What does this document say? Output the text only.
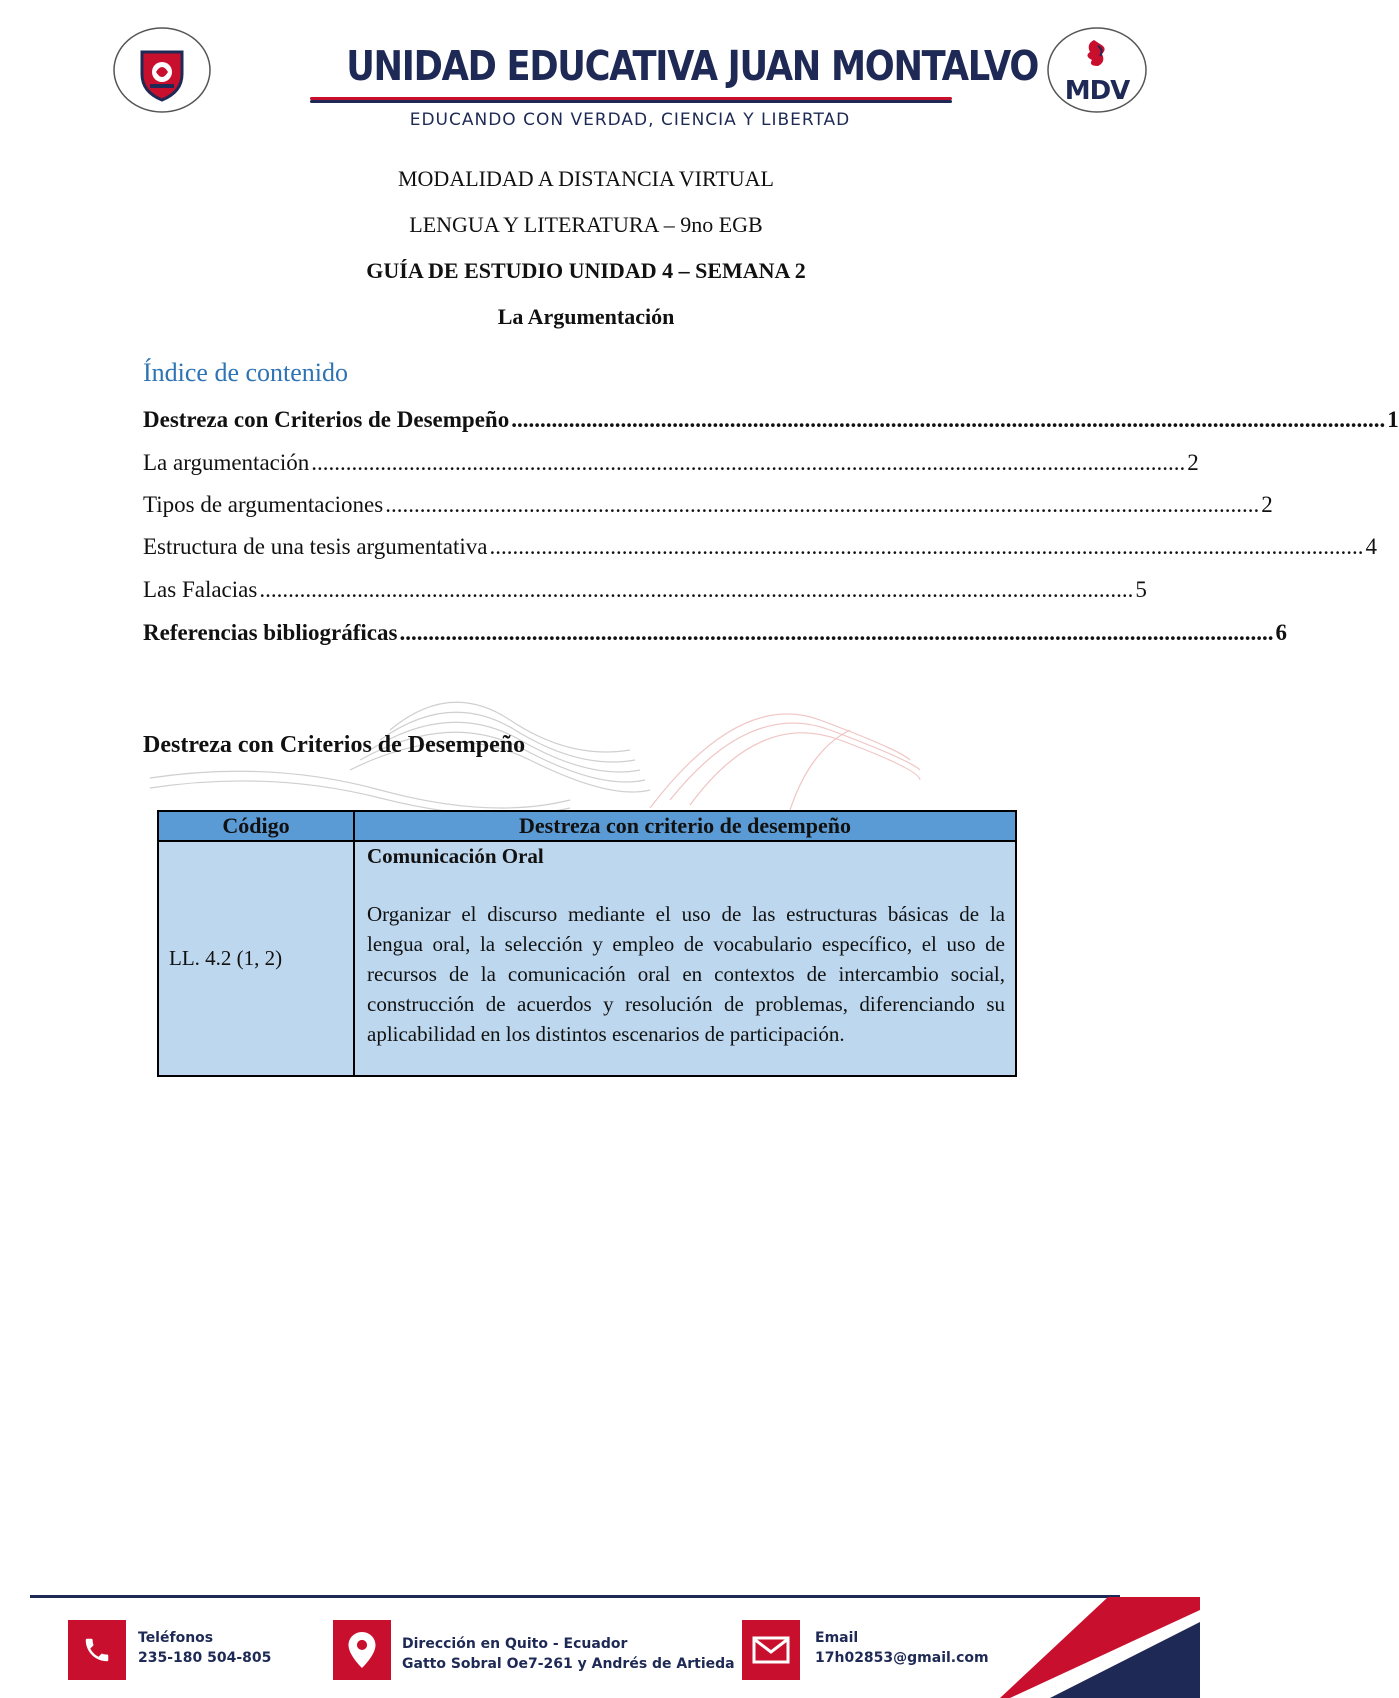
UNIDAD EDUCATIVA JUAN MONTALVO
EDUCANDO CON VERDAD, CIENCIA Y LIBERTAD
MDV
MODALIDAD A DISTANCIA VIRTUAL
LENGUA Y LITERATURA – 9no EGB
GUÍA DE ESTUDIO UNIDAD 4 – SEMANA 2
La Argumentación
Índice de contenido
Destreza con Criterios de Desempeño ........................................................................................................................................................ 1
La argumentación ........................................................................................................................................................ 2
Tipos de argumentaciones ........................................................................................................................................................ 2
Estructura de una tesis argumentativa ........................................................................................................................................................ 4
Las Falacias ........................................................................................................................................................ 5
Referencias bibliográficas ........................................................................................................................................................ 6
Destreza con Criterios de Desempeño
Código	Destreza con criterio de desempeño
LL. 4.2 (1, 2)	Comunicación Oral
Organizar el discurso mediante el uso de las estructuras básicas de la lengua oral, la selección y empleo de vocabulario específico, el uso de recursos de la comunicación oral en contextos de intercambio social, construcción de acuerdos y resolución de problemas, diferenciando su aplicabilidad en los distintos escenarios de participación.
Teléfonos
235-180 504-805
Dirección en Quito - Ecuador
Gatto Sobral Oe7-261 y Andrés de Artieda
Email
17h02853@gmail.com
